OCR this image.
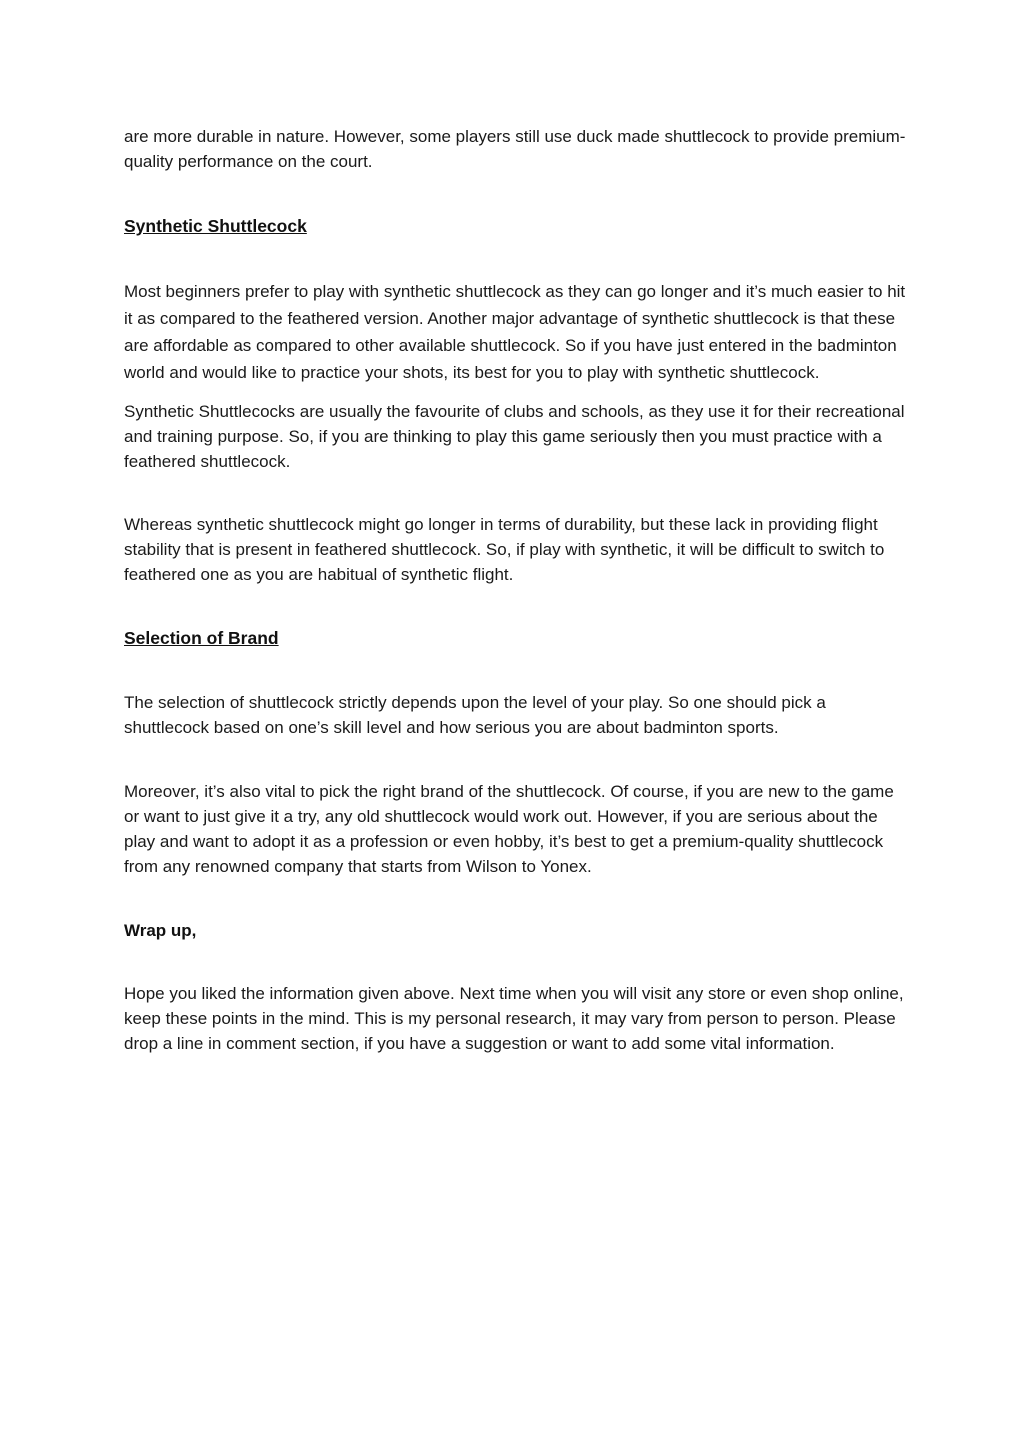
are more durable in nature. However, some players still use duck made shuttlecock to provide premium- quality performance on the court.

Synthetic Shuttlecock

Most beginners prefer to play with synthetic shuttlecock as they can go longer and it’s much easier to hit it as compared to the feathered version. Another major advantage of synthetic shuttlecock is that these are affordable as compared to other available shuttlecock. So if you have just entered in the badminton world and would like to practice your shots, its best for you to play with synthetic shuttlecock.

Synthetic Shuttlecocks are usually the favourite of clubs and schools, as they use it for their recreational and training purpose. So, if you are thinking to play this game seriously then you must practice with a feathered shuttlecock.

Whereas synthetic shuttlecock might go longer in terms of durability, but these lack in providing flight stability that is present in feathered shuttlecock. So, if play with synthetic, it will be difficult to switch to feathered one as you are habitual of synthetic flight.

Selection of Brand

The selection of shuttlecock strictly depends upon the level of your play. So one should pick a shuttlecock based on one’s skill level and how serious you are about badminton sports.

Moreover, it’s also vital to pick the right brand of the shuttlecock. Of course, if you are new to the game or want to just give it a try, any old shuttlecock would work out. However, if you are serious about the play and want to adopt it as a profession or even hobby, it’s best to get a premium-quality shuttlecock from any renowned company that starts from Wilson to Yonex.

Wrap up,

Hope you liked the information given above. Next time when you will visit any store or even shop online, keep these points in the mind. This is my personal research, it may vary from person to person. Please drop a line in comment section, if you have a suggestion or want to add some vital information.
